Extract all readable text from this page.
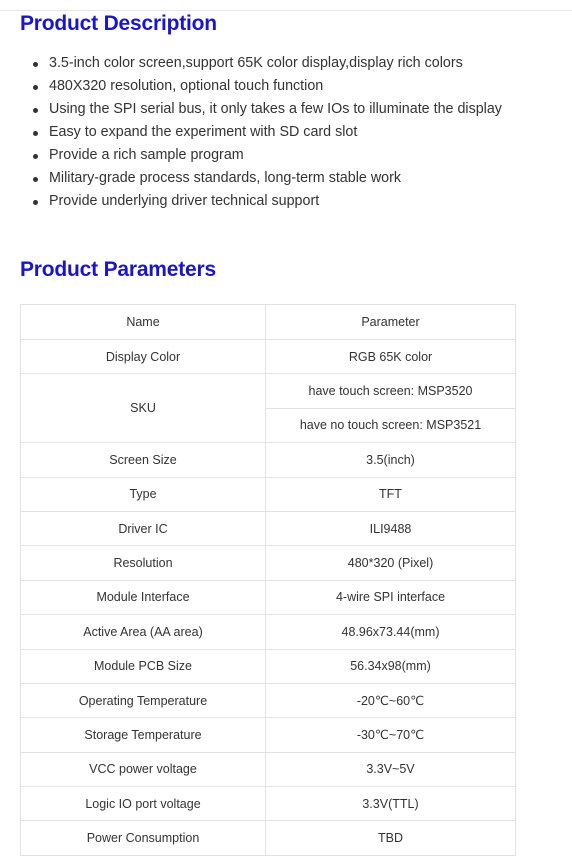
Product Description
3.5-inch color screen,support 65K color display,display rich colors
480X320 resolution, optional touch function
Using the SPI serial bus, it only takes a few IOs to illuminate the display
Easy to expand the experiment with SD card slot
Provide a rich sample program
Military-grade process standards, long-term stable work
Provide underlying driver technical support
Product Parameters
Name	Parameter
Display Color	RGB 65K color
SKU	have touch screen: MSP3520
	have no touch screen: MSP3521
Screen Size	3.5(inch)
Type	TFT
Driver IC	ILI9488
Resolution	480*320 (Pixel)
Module Interface	4-wire SPI interface
Active Area (AA area)	48.96x73.44(mm)
Module PCB Size	56.34x98(mm)
Operating Temperature	-20℃~60℃
Storage Temperature	-30℃~70℃
VCC power voltage	3.3V~5V
Logic IO port voltage	3.3V(TTL)
Power Consumption	TBD
